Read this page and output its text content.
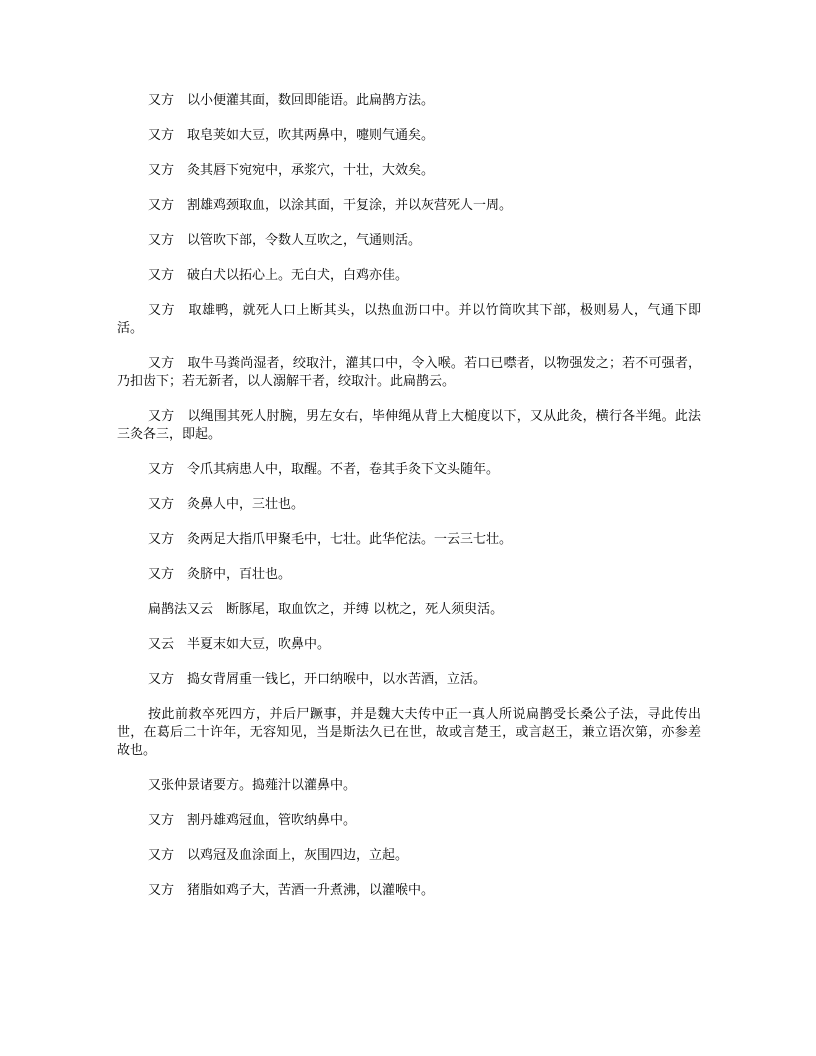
又方　以小便灌其面，数回即能语。此扁鹊方法。

又方　取皂荚如大豆，吹其两鼻中，嚏则气通矣。

又方　灸其唇下宛宛中，承浆穴，十壮，大效矣。

又方　割雄鸡颈取血，以涂其面，干复涂，并以灰营死人一周。

又方　以管吹下部，令数人互吹之，气通则活。

又方　破白犬以拓心上。无白犬，白鸡亦佳。

又方　取雄鸭，就死人口上断其头，以热血沥口中。并以竹筒吹其下部，极则易人，气通下即活。

又方　取牛马粪尚湿者，绞取汁，灌其口中，令入喉。若口已噤者，以物强发之；若不可强者，乃扣齿下；若无新者，以人溺解干者，绞取汁。此扁鹊云。

又方　以绳围其死人肘腕，男左女右，毕伸绳从背上大槌度以下，又从此灸，横行各半绳。此法三灸各三，即起。

又方　令爪其病患人中，取醒。不者，卷其手灸下文头随年。

又方　灸鼻人中，三壮也。

又方　灸两足大指爪甲聚毛中，七壮。此华佗法。一云三七壮。

又方　灸脐中，百壮也。

扁鹊法又云　断豚尾，取血饮之，并缚 以枕之，死人须臾活。

又云　半夏末如大豆，吹鼻中。

又方　捣女背屑重一钱匕，开口纳喉中，以水苦酒，立活。

按此前救卒死四方，并后尸蹶事，并是魏大夫传中正一真人所说扁鹊受长桑公子法，寻此传出世，在葛后二十许年，无容知见，当是斯法久已在世，故或言楚王，或言赵王，兼立语次第，亦参差故也。

又张仲景诸要方。捣薤汁以灌鼻中。

又方　割丹雄鸡冠血，管吹纳鼻中。

又方　以鸡冠及血涂面上，灰围四边，立起。

又方　猪脂如鸡子大，苦酒一升煮沸，以灌喉中。
